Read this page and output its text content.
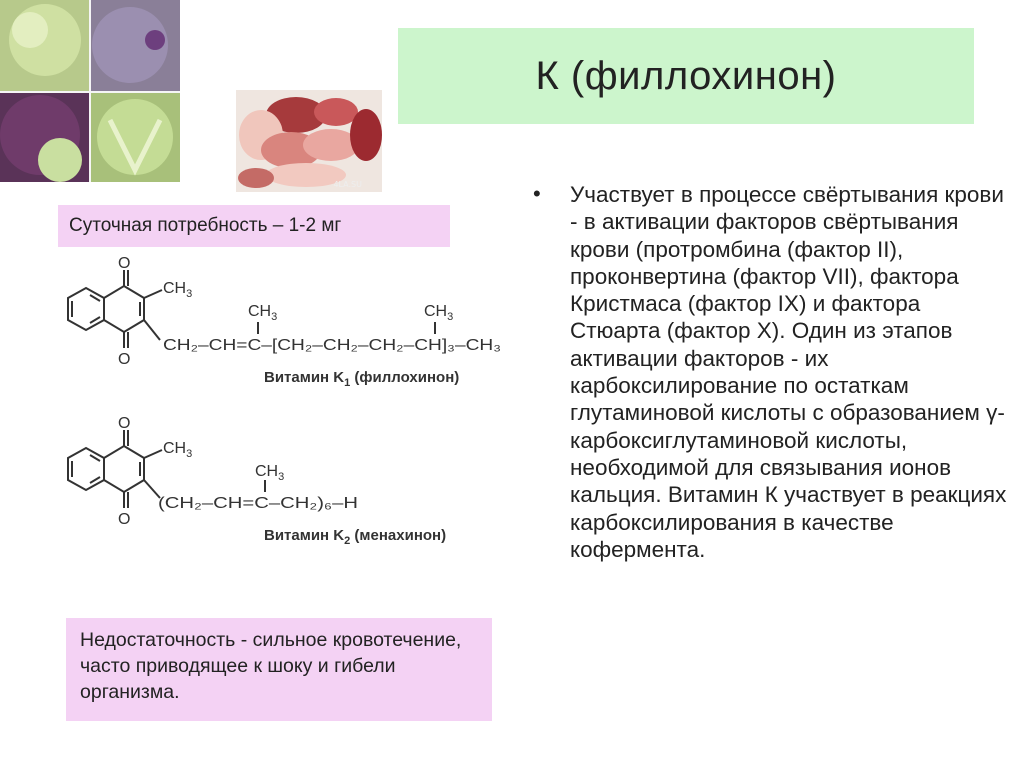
4LA.SU
К (филлохинон)
Суточная потребность – 1-2 мг
• Участвует в процессе свёртывания крови - в активации факторов свёртывания крови (протромбина (фактор II), проконвертина (фактор VII), фактора Кристмаса (фактор IX) и фактора Стюарта (фактор X). Один из этапов активации факторов - их карбоксилирование по остаткам глутаминовой кислоты с образованием γ-карбоксиглутаминовой кислоты, необходимой для связывания ионов кальция. Витамин К участвует в реакциях карбоксилирования в качестве кофермента.
O
O
$CH_3$
$CH_3$	$CH_3$
CH₂–CH=C–[CH₂–CH₂–CH₂–CH]₃–CH₃
Витамин $K_1$ (филлохинон)
O
O
$CH_3$
$CH_3$
(CH₂–CH=C–CH₂)₆–H
Витамин $K_2$ (менахинон)
Недостаточность - сильное кровотечение, часто приводящее к шоку и гибели организма.
